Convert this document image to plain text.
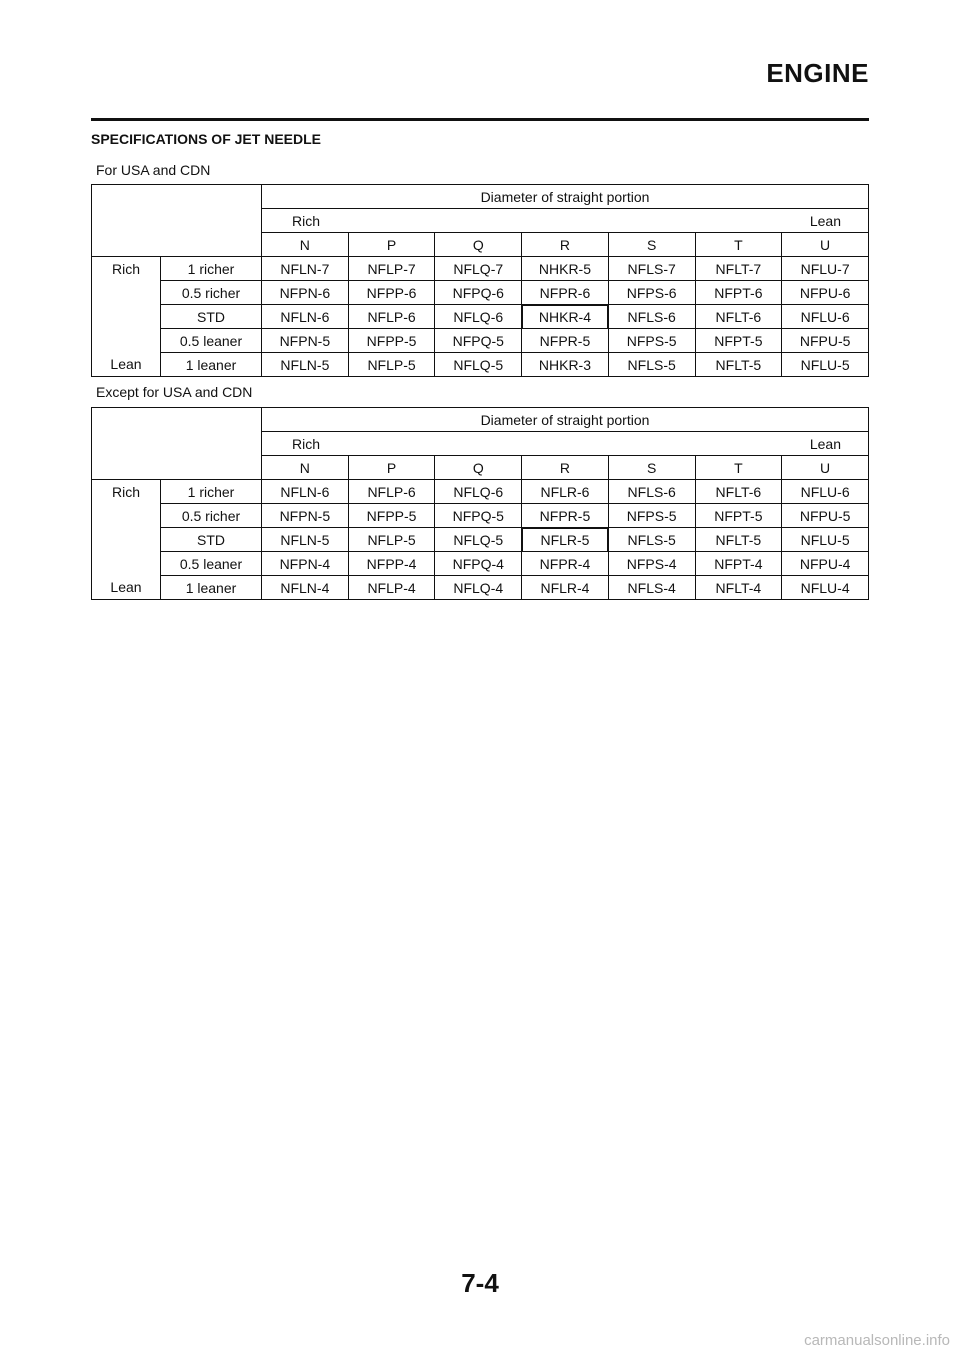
ENGINE
SPECIFICATIONS OF JET NEEDLE
For USA and CDN
		Diameter of straight portion						

		Rich Lean						

		N	P	Q	R	S	T	U
Rich	1 richer	NFLN-7	NFLP-7	NFLQ-7	NHKR-5	NFLS-7	NFLT-7	NFLU-7
	0.5 richer	NFPN-6	NFPP-6	NFPQ-6	NFPR-6	NFPS-6	NFPT-6	NFPU-6
	STD	NFLN-6	NFLP-6	NFLQ-6	NHKR-4	NFLS-6	NFLT-6	NFLU-6
	0.5 leaner	NFPN-5	NFPP-5	NFPQ-5	NFPR-5	NFPS-5	NFPT-5	NFPU-5
Lean	1 leaner	NFLN-5	NFLP-5	NFLQ-5	NHKR-3	NFLS-5	NFLT-5	NFLU-5
Except for USA and CDN
		Diameter of straight portion						

		Rich Lean						

		N	P	Q	R	S	T	U
Rich	1 richer	NFLN-6	NFLP-6	NFLQ-6	NFLR-6	NFLS-6	NFLT-6	NFLU-6
	0.5 richer	NFPN-5	NFPP-5	NFPQ-5	NFPR-5	NFPS-5	NFPT-5	NFPU-5
	STD	NFLN-5	NFLP-5	NFLQ-5	NFLR-5	NFLS-5	NFLT-5	NFLU-5
	0.5 leaner	NFPN-4	NFPP-4	NFPQ-4	NFPR-4	NFPS-4	NFPT-4	NFPU-4
Lean	1 leaner	NFLN-4	NFLP-4	NFLQ-4	NFLR-4	NFLS-4	NFLT-4	NFLU-4
7-4
carmanualsonline.info
